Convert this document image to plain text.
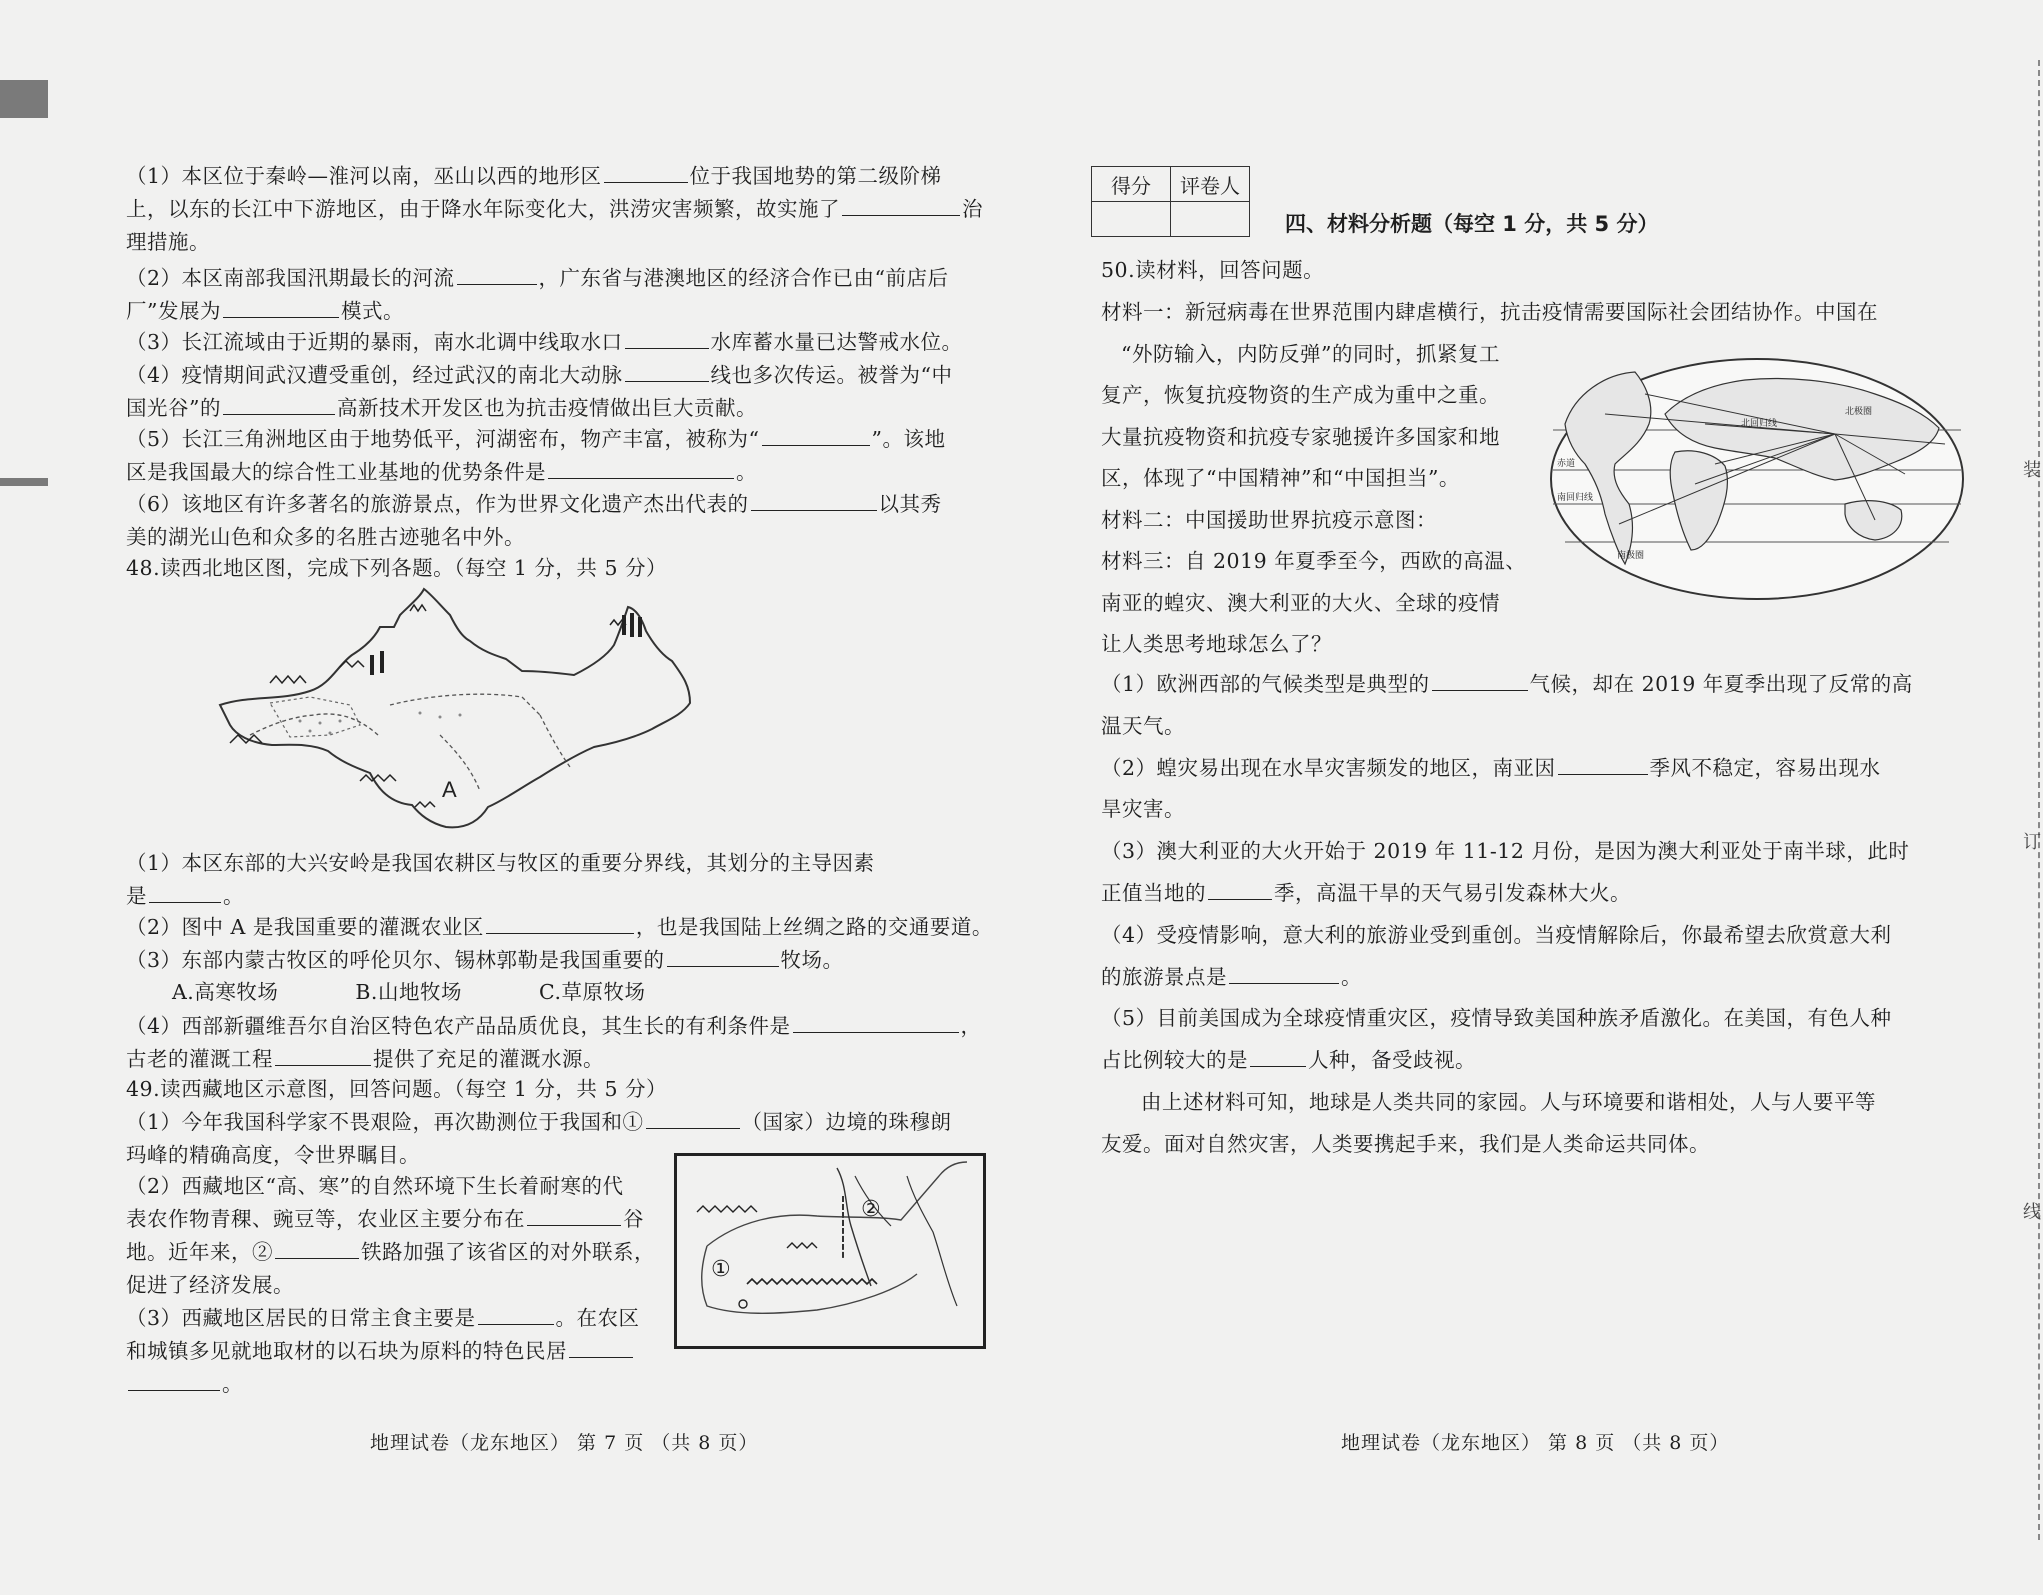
（1）本区位于秦岭—淮河以南，巫山以西的地形区	位于我国地势的第二级阶梯
上，以东的长江中下游地区，由于降水年际变化大，洪涝灾害频繁，故实施了	治
理措施。
（2）本区南部我国汛期最长的河流	，广东省与港澳地区的经济合作已由“前店后
厂”发展为	模式。
（3）长江流域由于近期的暴雨，南水北调中线取水口	水库蓄水量已达警戒水位。
（4）疫情期间武汉遭受重创，经过武汉的南北大动脉	线也多次传运。被誉为“中
国光谷”的	高新技术开发区也为抗击疫情做出巨大贡献。
（5）长江三角洲地区由于地势低平，河湖密布，物产丰富，被称为“	”。该地
区是我国最大的综合性工业基地的优势条件是	。
（6）该地区有许多著名的旅游景点，作为世界文化遗产杰出代表的	以其秀
美的湖光山色和众多的名胜古迹驰名中外。
48.读西北地区图，完成下列各题。（每空 1 分，共 5 分）
A
（1）本区东部的大兴安岭是我国农耕区与牧区的重要分界线，其划分的主导因素
是	。
（2）图中 A 是我国重要的灌溉农业区	，也是我国陆上丝绸之路的交通要道。
（3）东部内蒙古牧区的呼伦贝尔、锡林郭勒是我国重要的	牧场。
A.高寒牧场	B.山地牧场	C.草原牧场
（4）西部新疆维吾尔自治区特色农产品品质优良，其生长的有利条件是	，
古老的灌溉工程	提供了充足的灌溉水源。
49.读西藏地区示意图，回答问题。（每空 1 分，共 5 分）
（1）今年我国科学家不畏艰险，再次勘测位于我国和①	（国家）边境的珠穆朗
玛峰的精确高度，令世界瞩目。
（2）西藏地区“高、寒”的自然环境下生长着耐寒的代
表农作物青稞、豌豆等，农业区主要分布在	谷
地。近年来，②	铁路加强了该省区的对外联系，
促进了经济发展。
（3）西藏地区居民的日常主食主要是	。在农区
和城镇多见就地取材的以石块为原料的特色民居
。
①
②
地理试卷（龙东地区） 第 7 页 （共 8 页）
得分	评卷人

四、材料分析题（每空 1 分，共 5 分）
50.读材料，回答问题。
材料一：新冠病毒在世界范围内肆虐横行，抗击疫情需要国际社会团结协作。中国在
“外防输入，内防反弹”的同时，抓紧复工
复产，恢复抗疫物资的生产成为重中之重。
大量抗疫物资和抗疫专家驰援许多国家和地
区，体现了“中国精神”和“中国担当”。
材料二：中国援助世界抗疫示意图：
材料三：自 2019 年夏季至今，西欧的高温、
南亚的蝗灾、澳大利亚的大火、全球的疫情
让人类思考地球怎么了？
北极圈
北回归线
赤道
南回归线
南极圈
（1）欧洲西部的气候类型是典型的	气候，却在 2019 年夏季出现了反常的高
温天气。
（2）蝗灾易出现在水旱灾害频发的地区，南亚因	季风不稳定，容易出现水
旱灾害。
（3）澳大利亚的大火开始于 2019 年 11-12 月份，是因为澳大利亚处于南半球，此时
正值当地的	季，高温干旱的天气易引发森林大火。
（4）受疫情影响，意大利的旅游业受到重创。当疫情解除后，你最希望去欣赏意大利
的旅游景点是	。
（5）目前美国成为全球疫情重灾区，疫情导致美国种族矛盾激化。在美国，有色人种
占比例较大的是	人种，备受歧视。
由上述材料可知，地球是人类共同的家园。人与环境要和谐相处，人与人要平等
友爱。面对自然灾害，人类要携起手来，我们是人类命运共同体。
地理试卷（龙东地区） 第 8 页 （共 8 页）
装
订
线
